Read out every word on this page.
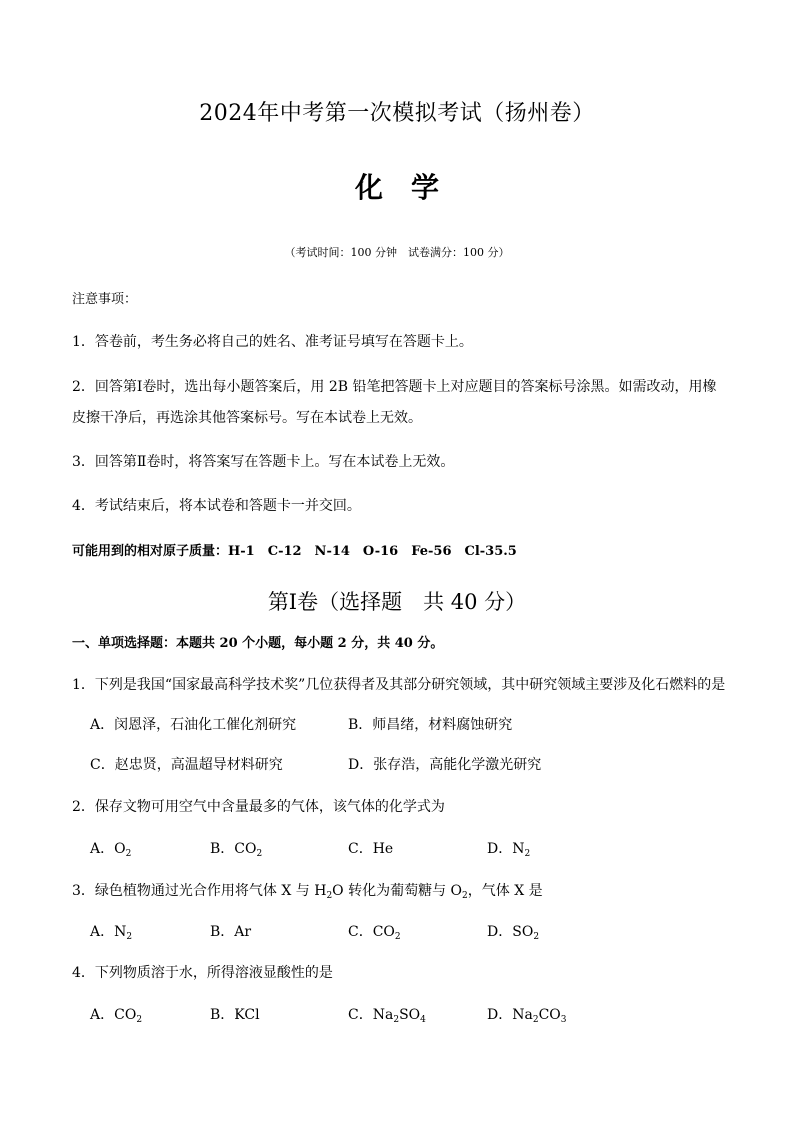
2024年中考第一次模拟考试（扬州卷）
化　学
（考试时间：100 分钟　试卷满分：100 分）
注意事项：
1．答卷前，考生务必将自己的姓名、准考证号填写在答题卡上。
2．回答第Ⅰ卷时，选出每小题答案后，用 2B 铅笔把答题卡上对应题目的答案标号涂黑。如需改动，用橡
皮擦干净后，再选涂其他答案标号。写在本试卷上无效。
3．回答第Ⅱ卷时，将答案写在答题卡上。写在本试卷上无效。
4．考试结束后，将本试卷和答题卡一并交回。
可能用到的相对原子质量：H-1　C-12　N-14　O-16　Fe-56　Cl-35.5
第Ⅰ卷（选择题　共 40 分）
一、单项选择题：本题共 20 个小题，每小题 2 分，共 40 分。
1．下列是我国“国家最高科学技术奖”几位获得者及其部分研究领域，其中研究领域主要涉及化石燃料的是
A．闵恩泽，石油化工催化剂研究	B．师昌绪，材料腐蚀研究
C．赵忠贤，高温超导材料研究	D．张存浩，高能化学激光研究
2．保存文物可用空气中含量最多的气体，该气体的化学式为
A．$O_2$	B．$CO_2$	C．He	D．$N_2$
3．绿色植物通过光合作用将气体 X 与 $H_2O$ 转化为葡萄糖与 $O_2$，气体 X 是
A．$N_2$	B．Ar	C．$CO_2$	D．$SO_2$
4．下列物质溶于水，所得溶液显酸性的是
A．$CO_2$	B．KCl	C．$Na_2SO_4$	D．$Na_2CO_3$
